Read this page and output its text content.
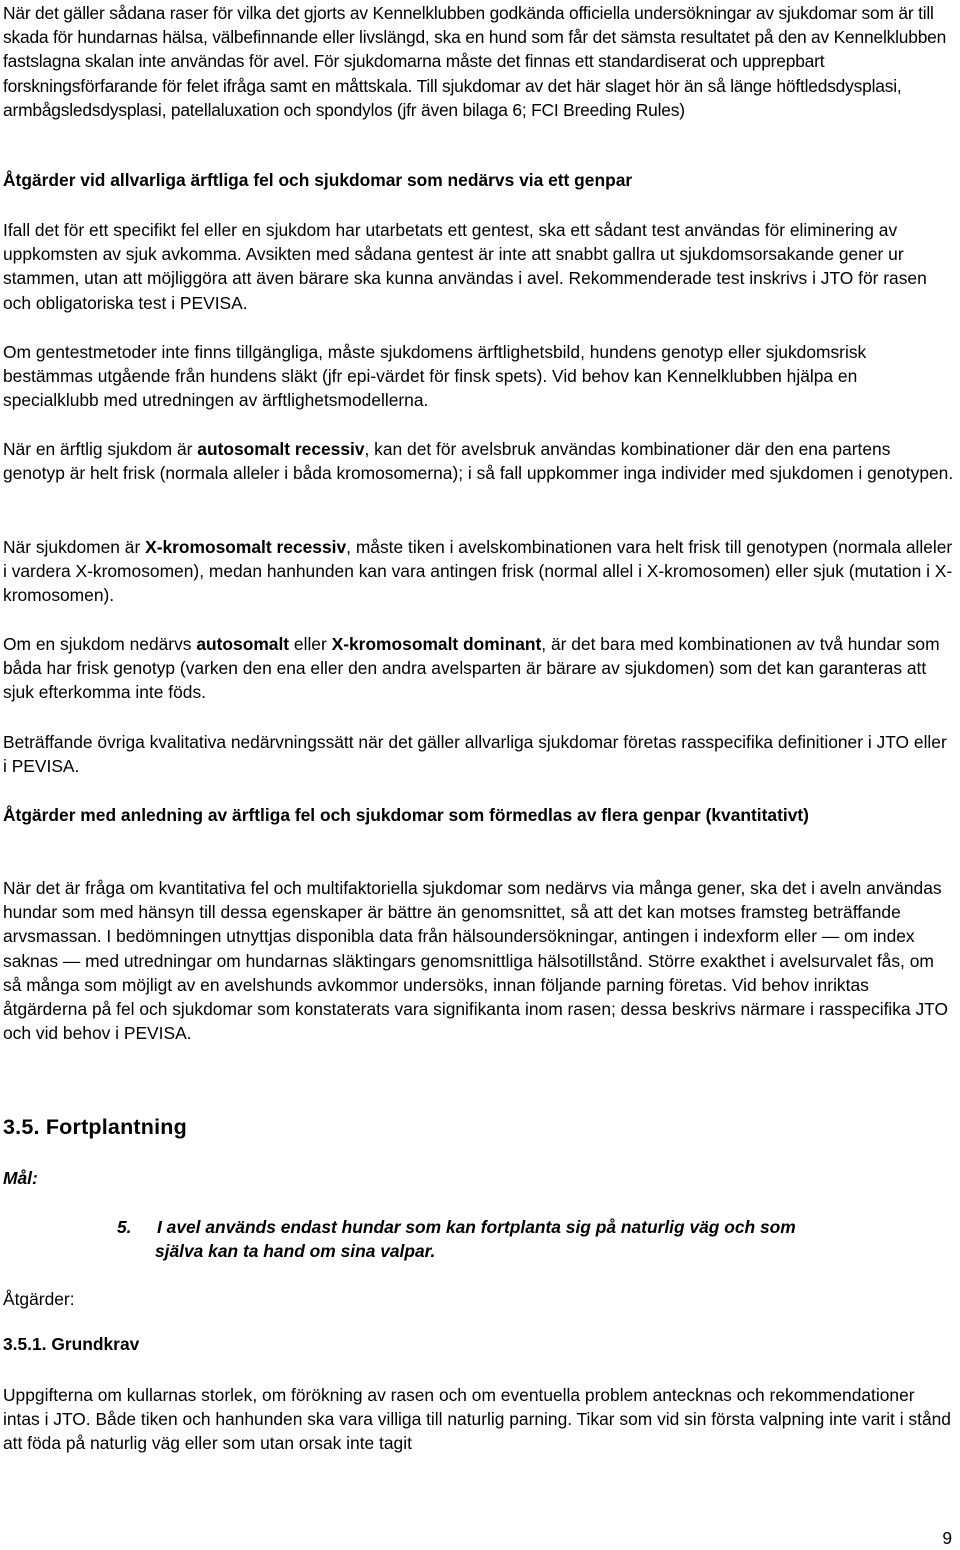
När det gäller sådana raser för vilka det gjorts av Kennelklubben godkända officiella undersökningar av sjukdomar som är till skada för hundarnas hälsa, välbefinnande eller livslängd, ska en hund som får det sämsta resultatet på den av Kennelklubben fastslagna skalan inte användas för avel. För sjukdomarna måste det finnas ett standardiserat och upprepbart forskningsförfarande för felet ifråga samt en måttskala. Till sjukdomar av det här slaget hör än så länge höftledsdysplasi, armbågsledsdysplasi, patellaluxation och spondylos (jfr även bilaga 6; FCI Breeding Rules)

Åtgärder vid allvarliga ärftliga fel och sjukdomar som nedärvs via ett genpar

Ifall det för ett specifikt fel eller en sjukdom har utarbetats ett gentest, ska ett sådant test användas för eliminering av uppkomsten av sjuk avkomma. Avsikten med sådana gentest är inte att snabbt gallra ut sjukdomsorsakande gener ur stammen, utan att möjliggöra att även bärare ska kunna användas i avel. Rekommenderade test inskrivs i JTO för rasen och obligatoriska test i PEVISA.

Om gentestmetoder inte finns tillgängliga, måste sjukdomens ärftlighetsbild, hundens genotyp eller sjukdomsrisk bestämmas utgående från hundens släkt (jfr epi-värdet för finsk spets). Vid behov kan Kennelklubben hjälpa en specialklubb med utredningen av ärftlighetsmodellerna.

När en ärftlig sjukdom är autosomalt recessiv, kan det för avelsbruk användas kombinationer där den ena partens genotyp är helt frisk (normala alleler i båda kromosomerna); i så fall uppkommer inga individer med sjukdomen i genotypen.

När sjukdomen är X-kromosomalt recessiv, måste tiken i avelskombinationen vara helt frisk till genotypen (normala alleler i vardera X-kromosomen), medan hanhunden kan vara antingen frisk (normal allel i X-kromosomen) eller sjuk (mutation i X-kromosomen).

Om en sjukdom nedärvs autosomalt eller X-kromosomalt dominant, är det bara med kombinationen av två hundar som båda har frisk genotyp (varken den ena eller den andra avelsparten är bärare av sjukdomen) som det kan garanteras att sjuk efterkomma inte föds.

Beträffande övriga kvalitativa nedärvningssätt när det gäller allvarliga sjukdomar företas rasspecifika definitioner i JTO eller i PEVISA.

Åtgärder med anledning av ärftliga fel och sjukdomar som förmedlas av flera genpar (kvantitativt)

När det är fråga om kvantitativa fel och multifaktoriella sjukdomar som nedärvs via många gener, ska det i aveln användas hundar som med hänsyn till dessa egenskaper är bättre än genomsnittet, så att det kan motses framsteg beträffande arvsmassan. I bedömningen utnyttjas disponibla data från hälsoundersökningar, antingen i indexform eller — om index saknas — med utredningar om hundarnas släktingars genomsnittliga hälsotillstånd. Större exakthet i avelsurvalet fås, om så många som möjligt av en avelshunds avkommor undersöks, innan följande parning företas. Vid behov inriktas åtgärderna på fel och sjukdomar som konstaterats vara signifikanta inom rasen; dessa beskrivs närmare i rasspecifika JTO och vid behov i PEVISA.

3.5. Fortplantning
Mål:
5. I avel används endast hundar som kan fortplanta sig på naturlig väg och som
själva kan ta hand om sina valpar.
Åtgärder:
3.5.1. Grundkrav

Uppgifterna om kullarnas storlek, om förökning av rasen och om eventuella problem antecknas och rekommendationer intas i JTO. Både tiken och hanhunden ska vara villiga till naturlig parning. Tikar som vid sin första valpning inte varit i stånd att föda på naturlig väg eller som utan orsak inte tagit

9
